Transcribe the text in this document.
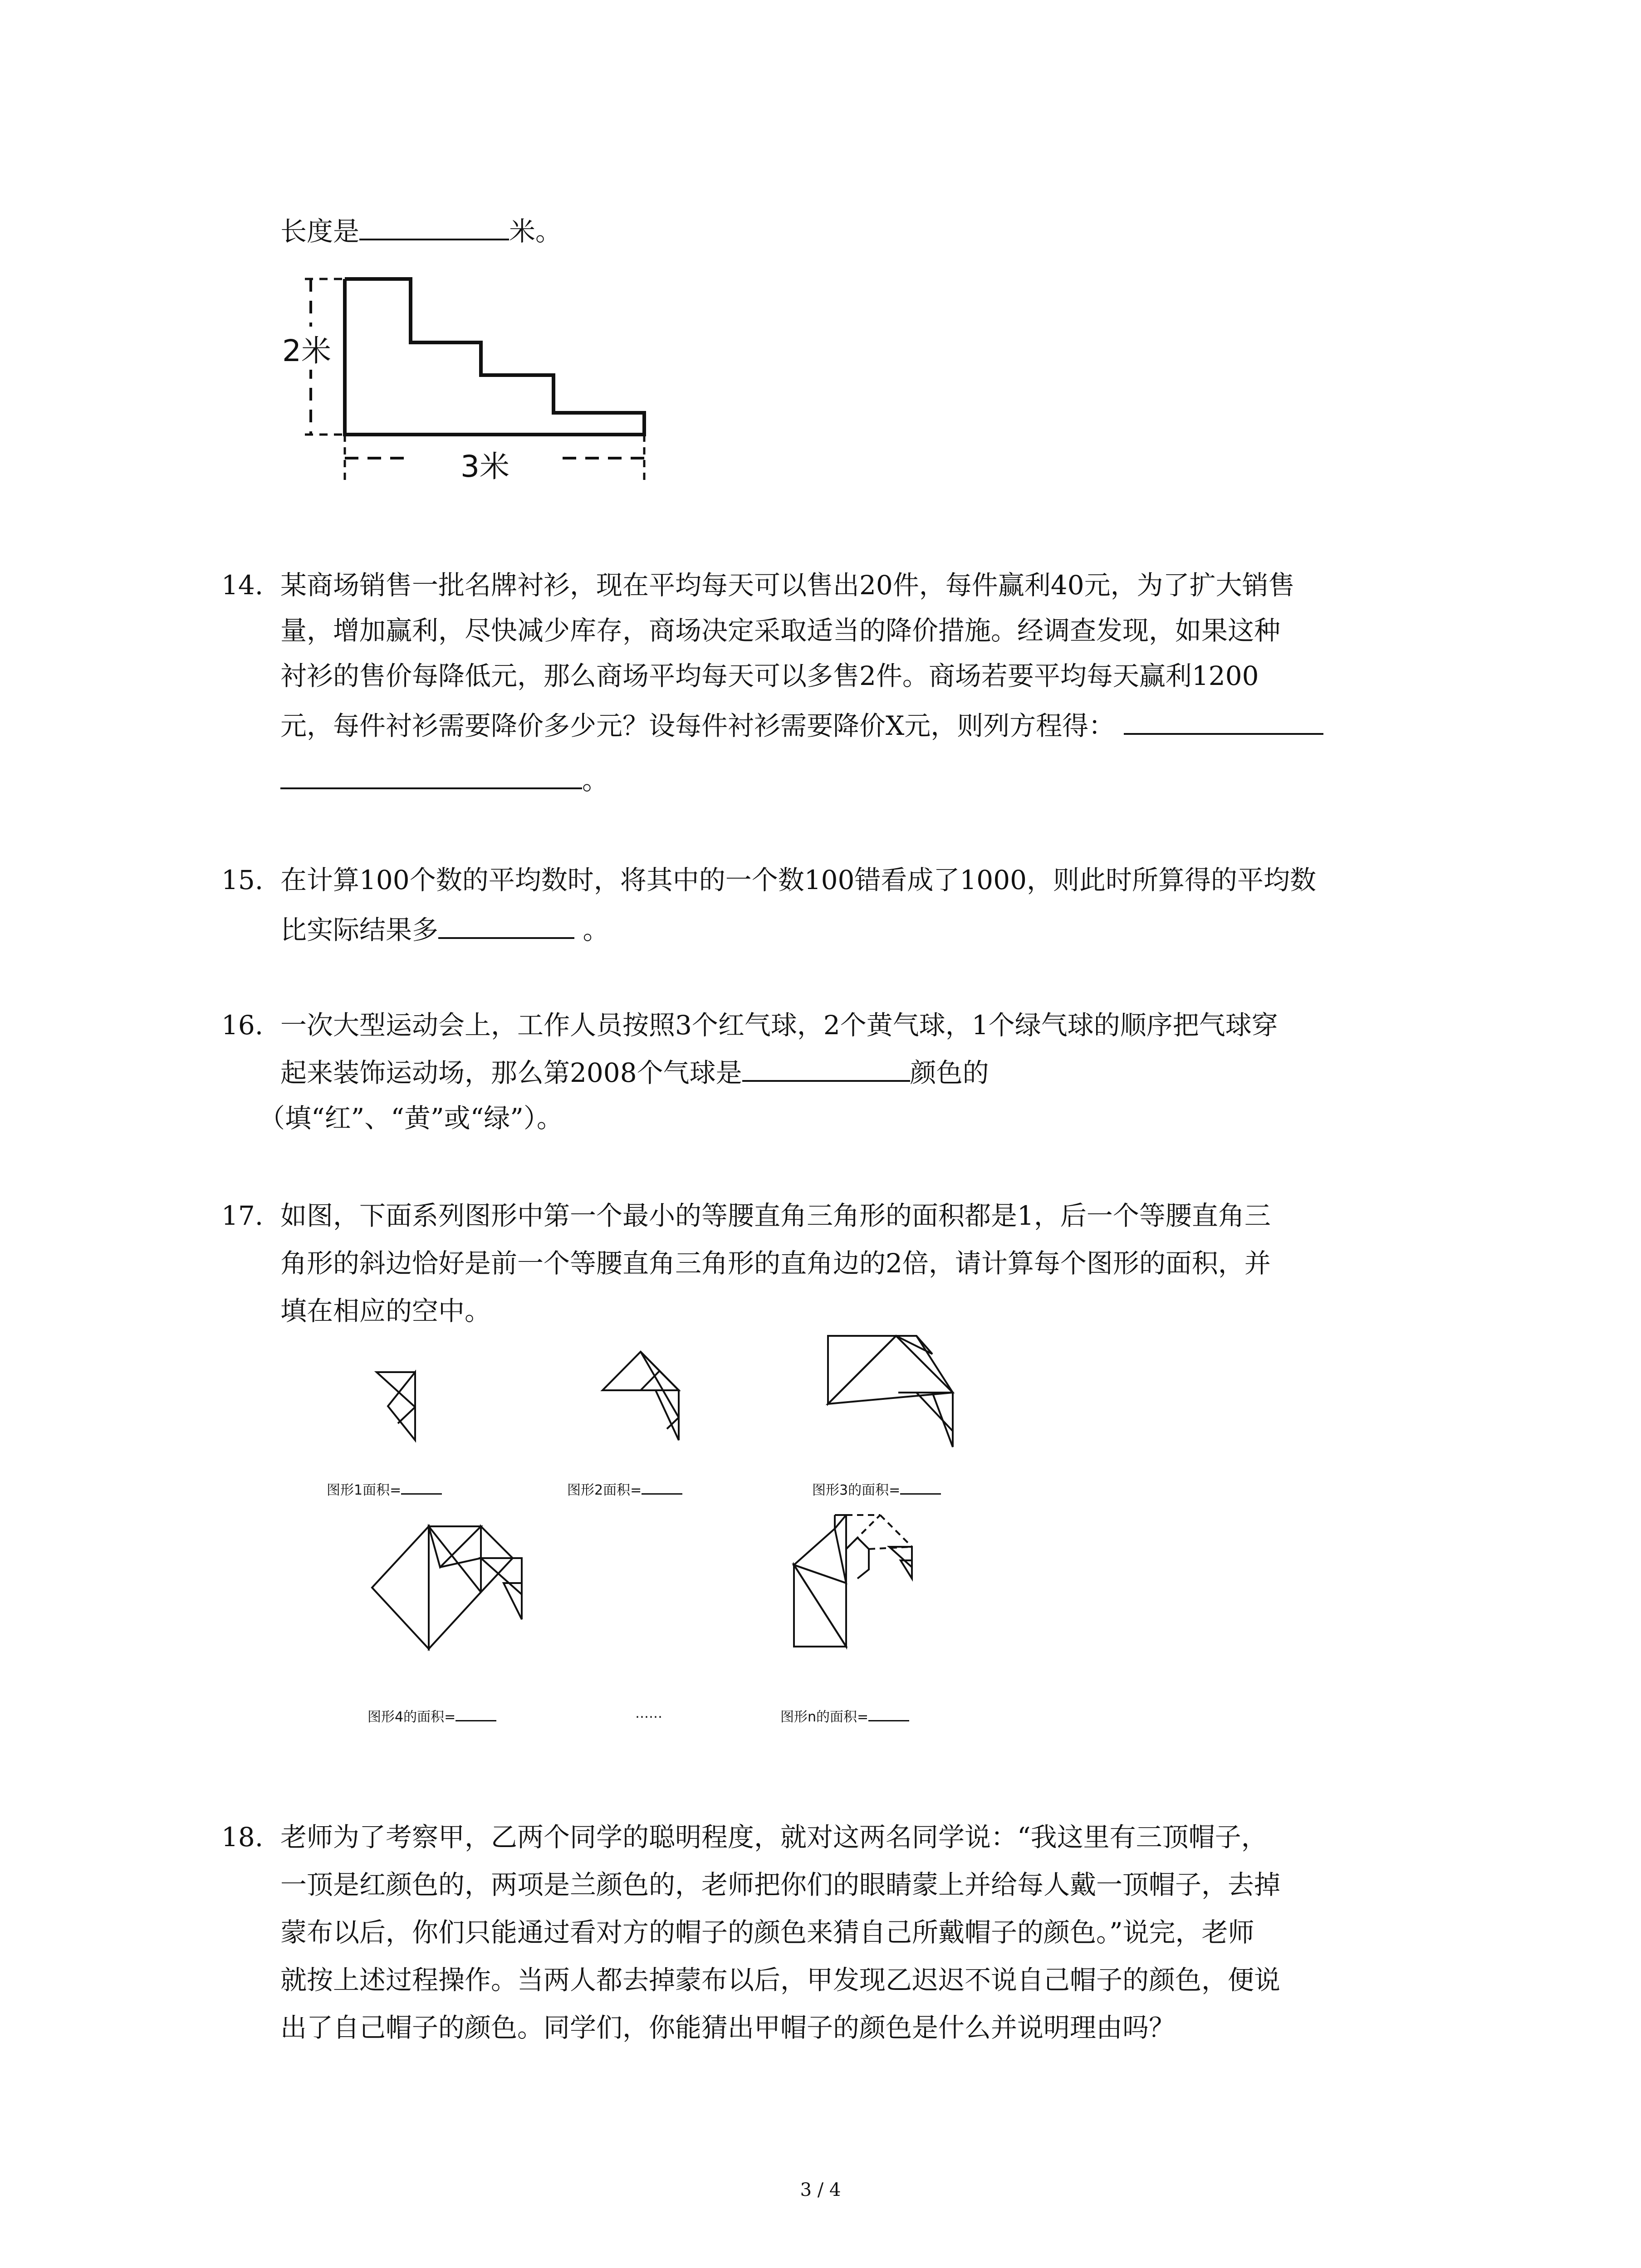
长度是	米。
2米
3米
14. 某商场销售一批名牌衬衫，现在平均每天可以售出20件，每件赢利40元，为了扩大销售
量，增加赢利，尽快减少库存，商场决定采取适当的降价措施。经调查发现，如果这种
衬衫的售价每降低元，那么商场平均每天可以多售2件。商场若要平均每天赢利1200
元，每件衬衫需要降价多少元？设每件衬衫需要降价X元，则列方程得：
。
15. 在计算100个数的平均数时，将其中的一个数100错看成了1000，则此时所算得的平均数
比实际结果多	。
16. 一次大型运动会上，工作人员按照3个红气球，2个黄气球，1个绿气球的顺序把气球穿
起来装饰运动场，那么第2008个气球是	颜色的
（填“红”、“黄”或“绿”）。
17. 如图，下面系列图形中第一个最小的等腰直角三角形的面积都是1，后一个等腰直角三
角形的斜边恰好是前一个等腰直角三角形的直角边的2倍，请计算每个图形的面积，并
填在相应的空中。
图形1面积=	图形2面积=	图形3的面积=
图形4的面积=	……	图形n的面积=
18. 老师为了考察甲，乙两个同学的聪明程度，就对这两名同学说：“我这里有三顶帽子，
一顶是红颜色的，两项是兰颜色的，老师把你们的眼睛蒙上并给每人戴一顶帽子，去掉
蒙布以后，你们只能通过看对方的帽子的颜色来猜自己所戴帽子的颜色。”说完，老师
就按上述过程操作。当两人都去掉蒙布以后，甲发现乙迟迟不说自己帽子的颜色，便说
出了自己帽子的颜色。同学们，你能猜出甲帽子的颜色是什么并说明理由吗？
3 / 4
